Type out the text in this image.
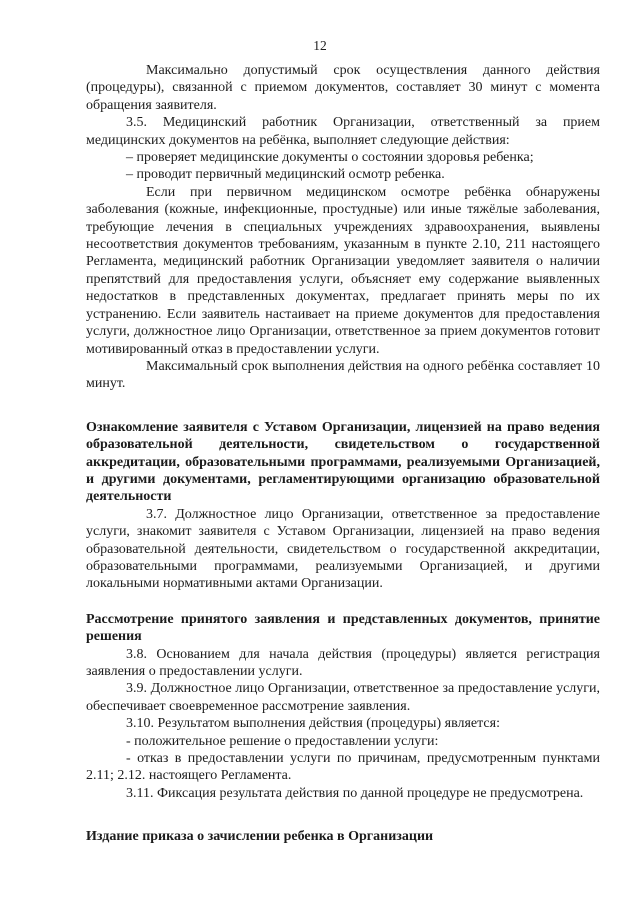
12

Максимально допустимый срок осуществления данного действия (процедуры), связанной с приемом документов, составляет 30 минут с момента обращения заявителя.

3.5. Медицинский работник Организации, ответственный за прием медицинских документов на ребёнка, выполняет следующие действия:

– проверяет медицинские документы о состоянии здоровья ребенка;

– проводит первичный медицинский осмотр ребенка.

Если при первичном медицинском осмотре ребёнка обнаружены заболевания (кожные, инфекционные, простудные) или иные тяжёлые заболевания, требующие лечения в специальных учреждениях здравоохранения, выявлены несоответствия документов требованиям, указанным в пункте 2.10, 211 настоящего Регламента, медицинский работник Организации уведомляет заявителя о наличии препятствий для предоставления услуги, объясняет ему содержание выявленных недостатков в представленных документах, предлагает принять меры по их устранению. Если заявитель настаивает на приеме документов для предоставления услуги, должностное лицо Организации, ответственное за прием документов готовит мотивированный отказ в предоставлении услуги.

Максимальный срок выполнения действия на одного ребёнка составляет 10 минут.

Ознакомление заявителя с Уставом Организации, лицензией на право ведения образовательной деятельности, свидетельством о государственной аккредитации, образовательными программами, реализуемыми Организацией, и другими документами, регламентирующими организацию образовательной деятельности

3.7. Должностное лицо Организации, ответственное за предоставление услуги, знакомит заявителя с Уставом Организации, лицензией на право ведения образовательной деятельности, свидетельством о государственной аккредитации, образовательными программами, реализуемыми Организацией, и другими локальными нормативными актами Организации.

Рассмотрение принятого заявления и представленных документов, принятие решения

3.8. Основанием для начала действия (процедуры) является регистрация заявления о предоставлении услуги.

3.9. Должностное лицо Организации, ответственное за предоставление услуги, обеспечивает своевременное рассмотрение заявления.

3.10. Результатом выполнения действия (процедуры) является:

- положительное решение о предоставлении услуги:

- отказ в предоставлении услуги по причинам, предусмотренным пунктами 2.11; 2.12. настоящего Регламента.

3.11. Фиксация результата действия по данной процедуре не предусмотрена.

Издание приказа о зачислении ребенка в Организации
